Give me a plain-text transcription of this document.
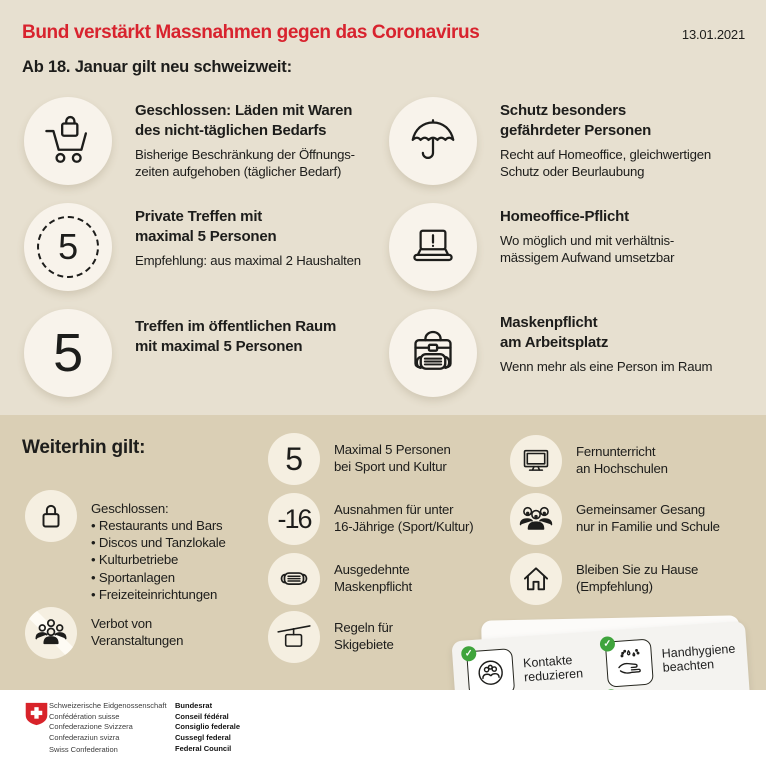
Bund verstärkt Massnahmen gegen das Coronavirus	13.01.2021
Ab 18. Januar gilt neu schweizweit:
Geschlossen: Läden mit Waren
des nicht-täglichen Bedarfs
Bisherige Beschränkung der Öffnungs-
zeiten aufgehoben (täglicher Bedarf)
5
Private Treffen mit
maximal 5 Personen
Empfehlung: aus maximal 2 Haushalten
5	Treffen im öffentlichen Raum
mit maximal 5 Personen
Schutz besonders
gefährdeter Personen
Recht auf Homeoffice, gleichwertigen
Schutz oder Beurlaubung
Homeoffice-Pflicht
Wo möglich und mit verhältnis-
mässigem Aufwand umsetzbar
Maskenpflicht
am Arbeitsplatz
Wenn mehr als eine Person im Raum
Weiterhin gilt:
Geschlossen:
• Restaurants und Bars
• Discos und Tanzlokale
• Kulturbetriebe
• Sportanlagen
• Freizeiteinrichtungen
Verbot von
Veranstaltungen
5 Maximal 5 Personen
bei Sport und Kultur
-16 Ausnahmen für unter
16-Jährige (Sport/Kultur)
Ausgedehnte
Maskenpflicht
Regeln für
Skigebiete
Fernunterricht
an Hochschulen
Gemeinsamer Gesang
nur in Familie und Schule
Bleiben Sie zu Hause
(Empfehlung)
✓	Kontakte
reduzieren
✓	Handhygiene
beachten
Schweizerische Eidgenossenschaft
Confédération suisse
Confederazione Svizzera
Confederaziun svizra
Swiss Confederation
Bundesrat
Conseil fédéral
Consiglio federale
Cussegl federal
Federal Council
